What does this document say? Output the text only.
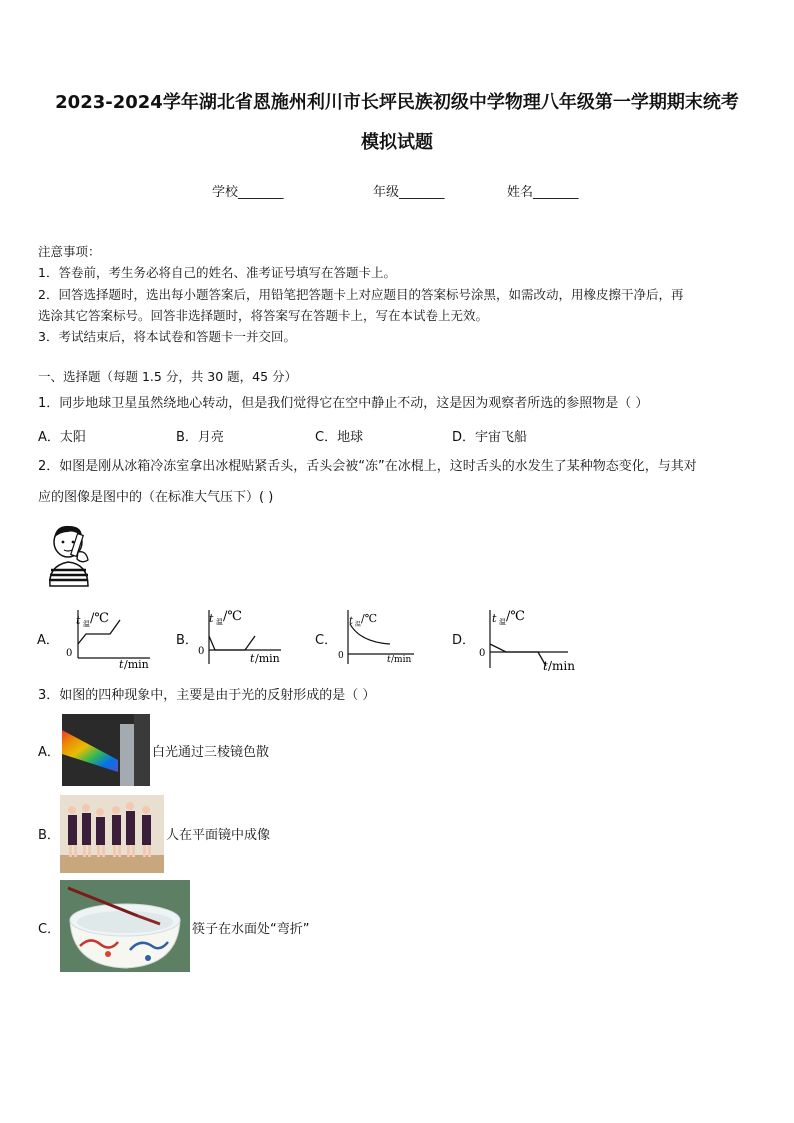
2023-2024学年湖北省恩施州利川市长坪民族初级中学物理八年级第一学期期末统考
模拟试题
学校_______	年级_______	姓名_______
注意事项：
1．答卷前，考生务必将自己的姓名、准考证号填写在答题卡上。
2．回答选择题时，选出每小题答案后，用铅笔把答题卡上对应题目的答案标号涂黑，如需改动，用橡皮擦干净后，再
选涂其它答案标号。回答非选择题时，将答案写在答题卡上，写在本试卷上无效。
3．考试结束后，将本试卷和答题卡一并交回。
一、选择题（每题 1.5 分，共 30 题，45 分）
1．同步地球卫星虽然绕地心转动，但是我们觉得它在空中静止不动，这是因为观察者所选的参照物是（ ）
A．太阳	B．月亮	C．地球	D．宇宙飞船
2．如图是刚从冰箱冷冻室拿出冰棍贴紧舌头，舌头会被“冻”在冰棍上，这时舌头的水发生了某种物态变化，与其对
应的图像是图中的（在标准大气压下）( )
A．
t 温 /℃
0
t /min
B．
t 温 /℃
0
t /min
C．
t 温 /℃
0	t /min
D．
t 温 /℃
0
t /min
3．如图的四种现象中，主要是由于光的反射形成的是（ ）
A．	白光通过三棱镜色散
B．	人在平面镜中成像
C．	筷子在水面处“弯折”
